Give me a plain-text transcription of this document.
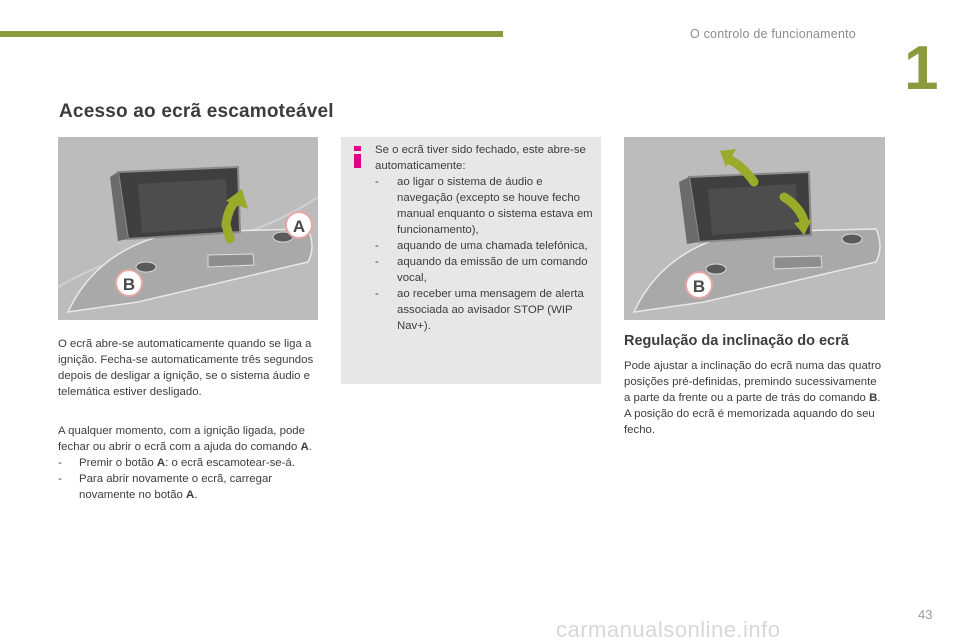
O controlo de funcionamento 1
Acesso ao ecrã escamoteável
A
B

O ecrã abre-se automaticamente quando se liga a ignição. Fecha-se automaticamente três segundos depois de desligar a ignição, se o sistema áudio e telemática estiver desligado.

A qualquer momento, com a ignição ligada, pode fechar ou abrir o ecrã com a ajuda do comando A.

-	Premir o botão A: o ecrã escamotear-se-á.
-	Para abrir novamente o ecrã, carregar novamente no botão A.

Se o ecrã tiver sido fechado, este abre-se automaticamente:

-	ao ligar o sistema de áudio e navegação (excepto se houve fecho manual enquanto o sistema estava em funcionamento),
-	aquando de uma chamada telefónica,
-	aquando da emissão de um comando vocal,
-	ao receber uma mensagem de alerta associada ao avisador STOP (WIP Nav+).
B
Regulação da inclinação do ecrã

Pode ajustar a inclinação do ecrã numa das quatro posições pré-definidas, premindo sucessivamente a parte da frente ou a parte de trás do comando B. A posição do ecrã é memorizada aquando do seu fecho.

43
carmanualsonline.info
